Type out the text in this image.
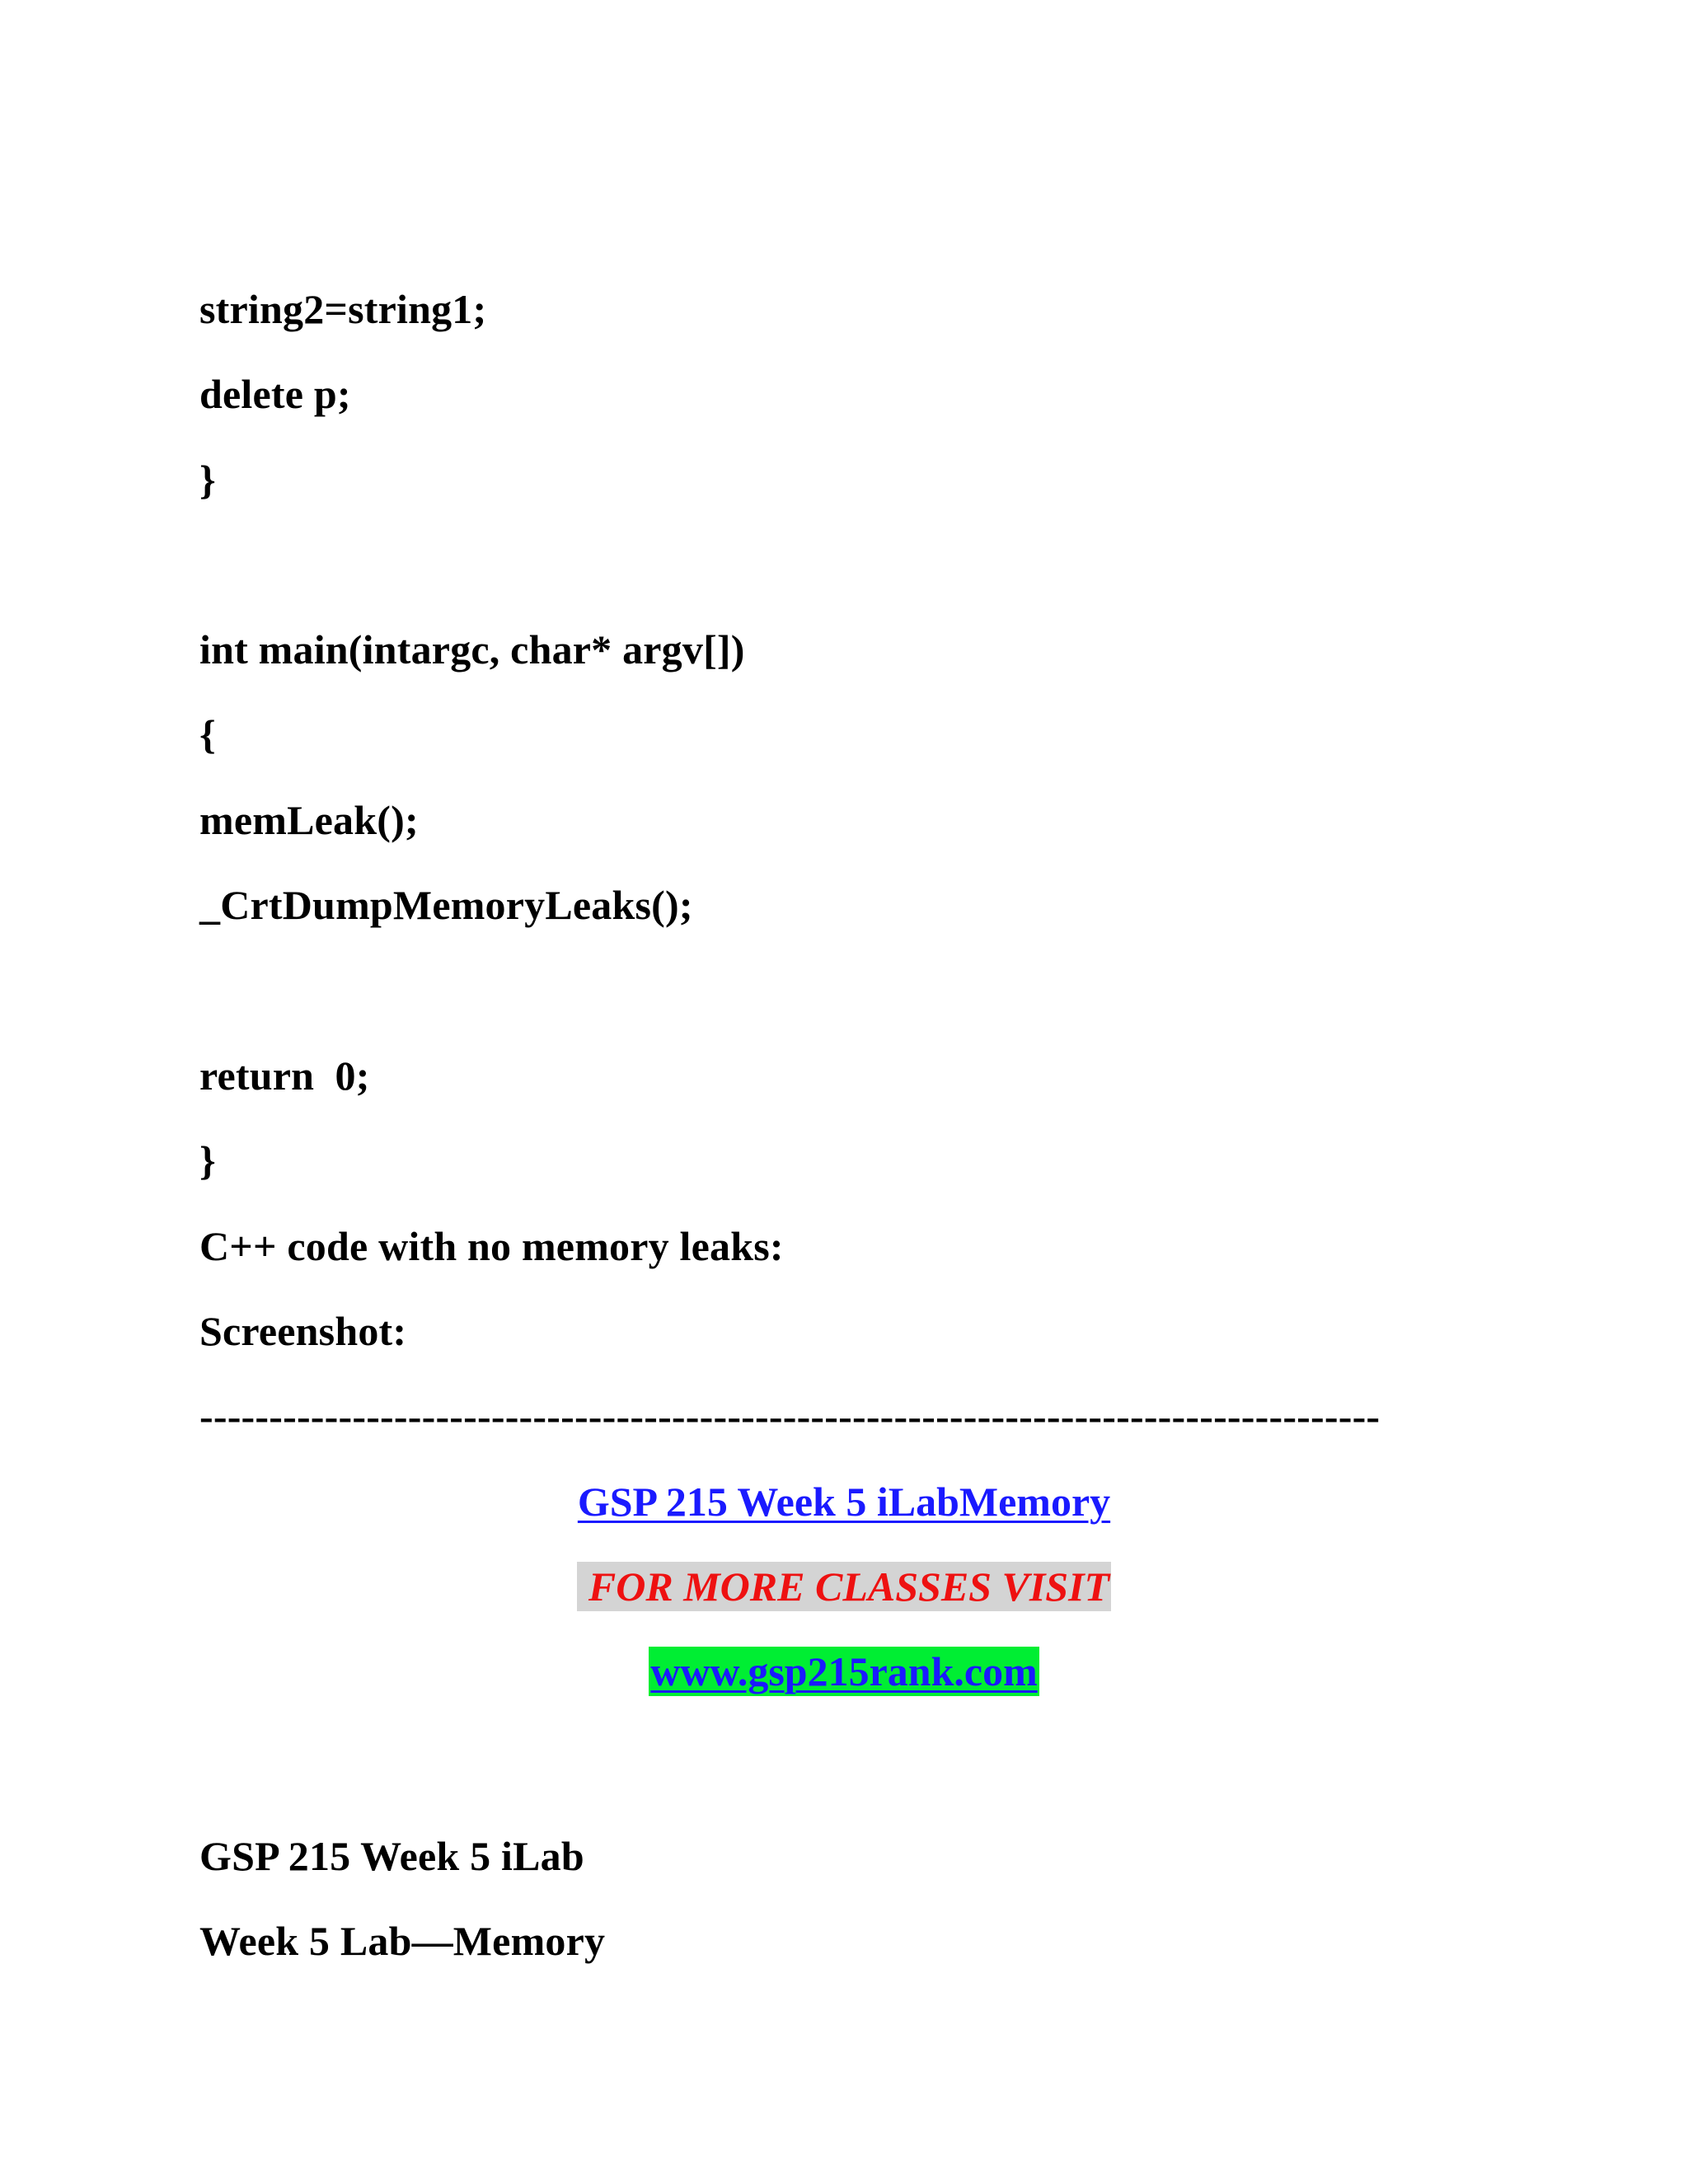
string2=string1;
delete p;
}
int main(intargc, char* argv[])
{
memLeak();
_CrtDumpMemoryLeaks();
return  0;
}
C++ code with no memory leaks:
Screenshot:
-------------------------------------------------------------------------------------
GSP 215 Week 5 iLabMemory
FOR MORE CLASSES VISIT
www.gsp215rank.com
GSP 215 Week 5 iLab
Week 5 Lab—Memory
